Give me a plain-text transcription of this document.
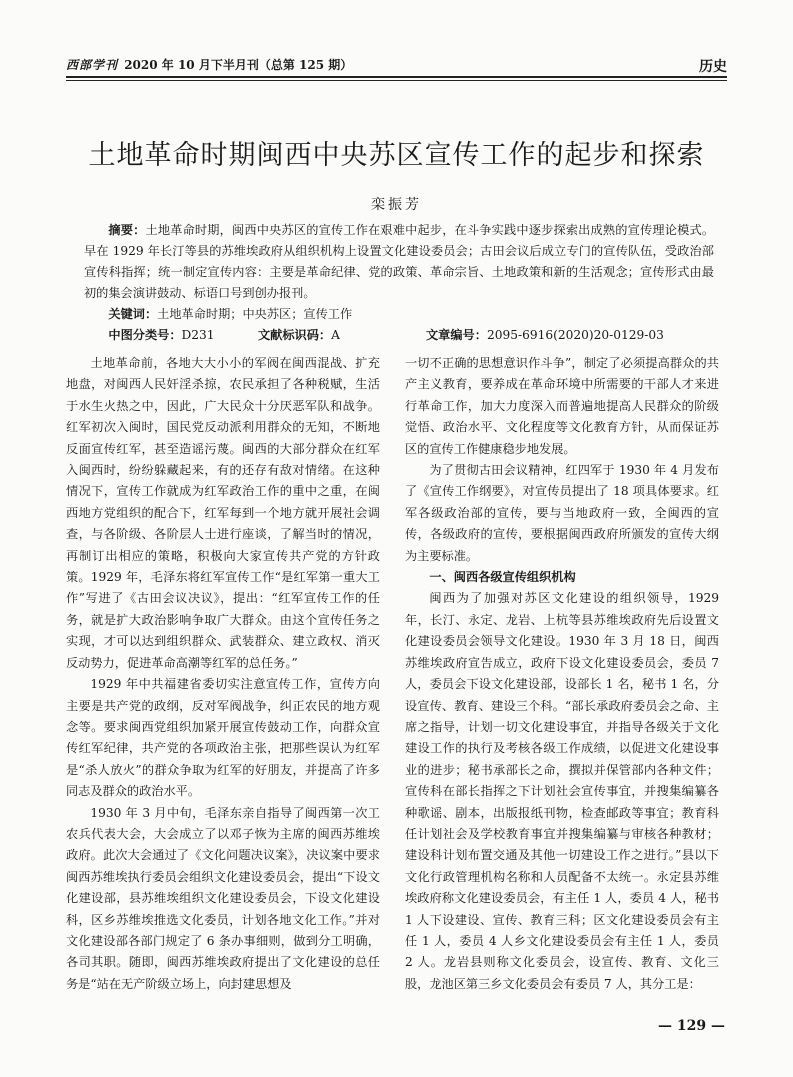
西部学刊 2020 年 10 月下半月刊（总第 125 期）	历史
土地革命时期闽西中央苏区宣传工作的起步和探索
栾振芳

摘要：土地革命时期，闽西中央苏区的宣传工作在艰难中起步，在斗争实践中逐步探索出成熟的宣传理论模式。早在 1929 年长汀等县的苏维埃政府从组织机构上设置文化建设委员会；古田会议后成立专门的宣传队伍，受政治部宣传科指挥；统一制定宣传内容：主要是革命纪律、党的政策、革命宗旨、土地政策和新的生活观念；宣传形式由最初的集会演讲鼓动、标语口号到创办报刊。

关键词：土地革命时期；中央苏区；宣传工作

中图分类号：D231	文献标识码：A	文章编号：2095-6916(2020)20-0129-03

土地革命前，各地大大小小的军阀在闽西混战、扩充地盘，对闽西人民奸淫杀掠，农民承担了各种税赋，生活于水生火热之中，因此，广大民众十分厌恶军队和战争。红军初次入闽时，国民党反动派利用群众的无知，不断地反面宣传红军，甚至造谣污蔑。闽西的大部分群众在红军入闽西时，纷纷躲藏起来，有的还存有敌对情绪。在这种情况下，宣传工作就成为红军政治工作的重中之重，在闽西地方党组织的配合下，红军每到一个地方就开展社会调查，与各阶级、各阶层人士进行座谈，了解当时的情况，再制订出相应的策略，积极向大家宣传共产党的方针政策。1929 年，毛泽东将红军宣传工作“是红军第一重大工作”写进了《古田会议决议》，提出：“红军宣传工作的任务，就是扩大政治影响争取广大群众。由这个宣传任务之实现，才可以达到组织群众、武装群众、建立政权、消灭反动势力，促进革命高潮等红军的总任务。”

1929 年中共福建省委切实注意宣传工作，宣传方向主要是共产党的政纲，反对军阀战争，纠正农民的地方观念等。要求闽西党组织加紧开展宣传鼓动工作，向群众宣传红军纪律，共产党的各项政治主张，把那些误认为红军是“杀人放火”的群众争取为红军的好朋友，并提高了许多同志及群众的政治水平。

1930 年 3 月中旬，毛泽东亲自指导了闽西第一次工农兵代表大会，大会成立了以邓子恢为主席的闽西苏维埃政府。此次大会通过了《文化问题决议案》，决议案中要求闽西苏维埃执行委员会组织文化建设委员会，提出“下设文化建设部，县苏维埃组织文化建设委员会，下设文化建设科，区乡苏维埃推选文化委员，计划各地文化工作。”并对文化建设部各部门规定了 6 条办事细则，做到分工明确，各司其职。随即，闽西苏维埃政府提出了文化建设的总任务是“站在无产阶级立场上，向封建思想及

一切不正确的思想意识作斗争”，制定了必须提高群众的共产主义教育，要养成在革命环境中所需要的干部人才来进行革命工作，加大力度深入而普遍地提高人民群众的阶级觉悟、政治水平、文化程度等文化教育方针，从而保证苏区的宣传工作健康稳步地发展。

为了贯彻古田会议精神，红四军于 1930 年 4 月发布了《宣传工作纲要》，对宣传员提出了 18 项具体要求。红军各级政治部的宣传，要与当地政府一致，全闽西的宣传，各级政府的宣传，要根据闽西政府所颁发的宣传大纲为主要标准。

一、闽西各级宣传组织机构

闽西为了加强对苏区文化建设的组织领导，1929 年，长汀、永定、龙岩、上杭等县苏维埃政府先后设置文化建设委员会领导文化建设。1930 年 3 月 18 日，闽西苏维埃政府宣告成立，政府下设文化建设委员会，委员 7 人，委员会下设文化建设部，设部长 1 名，秘书 1 名，分设宣传、教育、建设三个科。“部长承政府委员会之命、主席之指导，计划一切文化建设事宜，并指导各级关于文化建设工作的执行及考核各级工作成绩，以促进文化建设事业的进步；秘书承部长之命，撰拟并保管部内各种文件；宣传科在部长指挥之下计划社会宣传事宜，并搜集编纂各种歌谣、剧本，出版报纸刊物，检查邮政等事宜；教育科任计划社会及学校教育事宜并搜集编纂与审核各种教材；建设科计划布置交通及其他一切建设工作之进行。”县以下文化行政管理机构名称和人员配备不太统一。永定县苏维埃政府称文化建设委员会，有主任 1 人，委员 4 人，秘书 1 人下设建设、宣传、教育三科；区文化建设委员会有主任 1 人，委员 4 人乡文化建设委员会有主任 1 人，委员 2 人。龙岩县则称文化委员会，设宣传、教育、文化三股，龙池区第三乡文化委员会有委员 7 人，其分工是：

— 129 —
